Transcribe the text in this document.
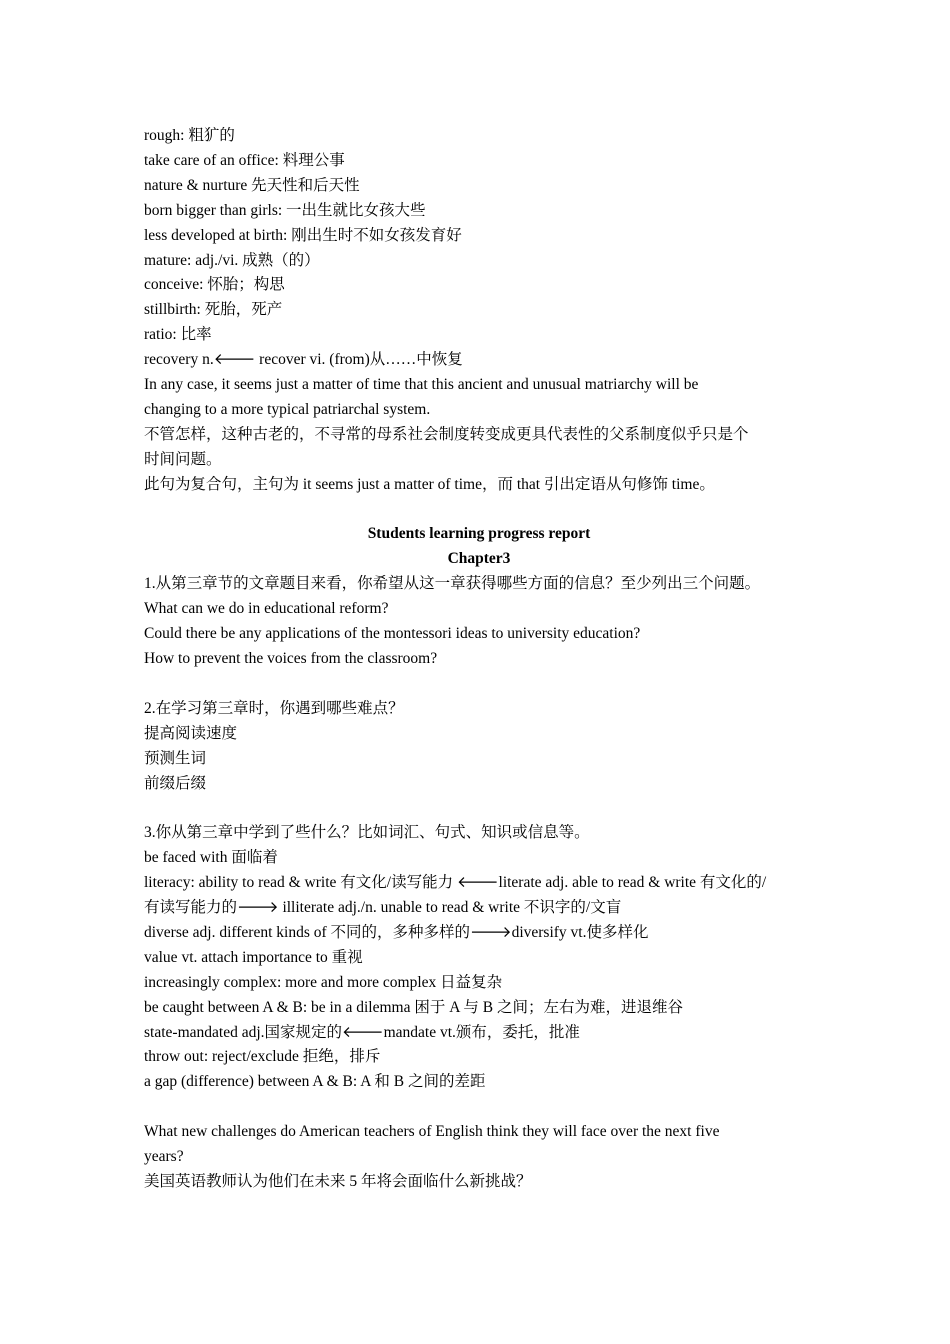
rough: 粗犷的
take care of an office: 料理公事
nature & nurture 先天性和后天性
born bigger than girls: 一出生就比女孩大些
less developed at birth: 刚出生时不如女孩发育好
mature: adj./vi. 成熟（的）
conceive: 怀胎；构思
stillbirth: 死胎，死产
ratio: 比率
recovery n.🡐 recover vi. (from)从……中恢复
In any case, it seems just a matter of time that this ancient and unusual matriarchy will be
changing to a more typical patriarchal system.
不管怎样，这种古老的，不寻常的母系社会制度转变成更具代表性的父系制度似乎只是个
时间问题。
此句为复合句，主句为 it seems just a matter of time，而 that 引出定语从句修饰 time。
Students learning progress report
Chapter3
1.从第三章节的文章题目来看，你希望从这一章获得哪些方面的信息？至少列出三个问题。
What can we do in educational reform?
Could there be any applications of the montessori ideas to university education?
How to prevent the voices from the classroom?
2.在学习第三章时，你遇到哪些难点？
提高阅读速度
预测生词
前缀后缀
3.你从第三章中学到了些什么？比如词汇、句式、知识或信息等。
be faced with 面临着
literacy: ability to read & write 有文化/读写能力 🡐literate adj. able to read & write 有文化的/
有读写能力的🡒 illiterate adj./n. unable to read & write 不识字的/文盲
diverse adj. different kinds of 不同的，多种多样的🡒diversify vt.使多样化
value vt. attach importance to 重视
increasingly complex: more and more complex 日益复杂
be caught between A & B: be in a dilemma 困于 A 与 B 之间；左右为难，进退维谷
state-mandated adj.国家规定的🡐mandate vt.颁布，委托，批准
throw out: reject/exclude 拒绝，排斥
a gap (difference) between A & B: A 和 B 之间的差距
What new challenges do American teachers of English think they will face over the next five
years?
美国英语教师认为他们在未来 5 年将会面临什么新挑战？
